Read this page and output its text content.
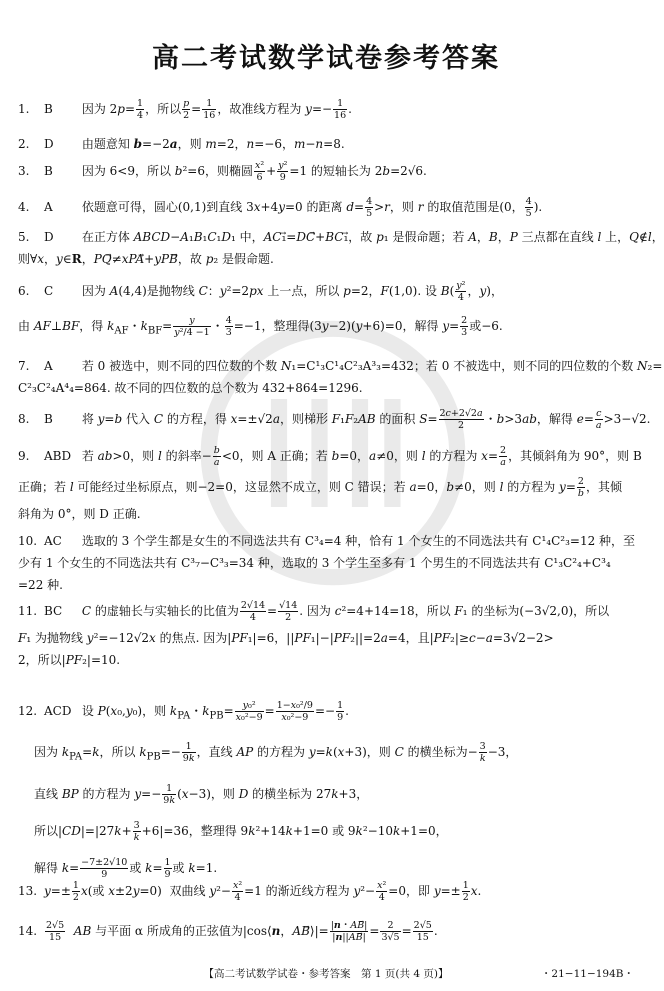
高二考试数学试卷参考答案
1. B 因为 $2p= \frac{1}{4}$ ，所以 $\frac{p}{2} = \frac{1}{16}$ ，故准线方程为 $y=- \frac{1}{16}$ .
2. D 由题意知 b=−2a，则 m=2，n=−6，m−n=8.
3. B 因为 6<9，所以 b²=6，则椭圆 $\frac{\text{x²}}{6} + \frac{\text{y²}}{9} =1$ 的短轴长为 2b=2√6.
4. A 依题意可得，圆心(0,1)到直线 3x+4y=0 的距离 $d= \frac{4}{5} >r$，则 r 的取值范围是(0， $\frac{4}{5}$ ).
5. D 在正方体 ABCD−A₁B₁C₁D₁ 中，AC₁⃗=DC⃗+BC₁⃗，故 p₁ 是假命题；若 A，B，P 三点都在直线 l 上，Q∉l，
则∀x，y∈R，PQ⃗≠xPA⃗+yPB⃗，故 p₂ 是假命题.
6. C 因为 A(4,4)是抛物线 C：y²=2px 上一点，所以 p=2，F(1,0). 设 $B( \frac{\text{y²}}{4}$ ，y)，
由 AF⊥BF，得 $k_{AF}$・$k_{BF}= \frac{y}{\text{y²/4 −1}}$ ・ $\frac{4}{3} =-1$，整理得(3y−2)(y+6)=0，解得 $y= \frac{2}{3}$ 或−6.
7. A 若 0 被选中，则不同的四位数的个数 N₁=C¹₃C¹₄C²₃A³₃=432；若 0 不被选中，则不同的四位数的个数 N₂=
C²₃C²₄A⁴₄=864. 故不同的四位数的总个数为 432+864=1296.
8. B 将 y=b 代入 C 的方程，得 x=±√2a，则梯形 F₁F₂AB 的面积 $S= \frac{2c+2√2a}{2}$ ・b>3ab，解得 $e= \frac{c}{a} >3-√2$.
9. ABD 若 ab>0，则 l 的斜率− $\frac{b}{a} <0$，则 A 正确；若 b=0，a≠0，则 l 的方程为 $x= \frac{2}{a}$ ，其倾斜角为 90°，则 B
正确；若 l 可能经过坐标原点，则−2=0，这显然不成立，则 C 错误；若 a=0，b≠0，则 l 的方程为 $y= \frac{2}{b}$ ，其倾
斜角为 0°，则 D 正确.
10. AC 选取的 3 个学生都是女生的不同选法共有 C³₄=4 种，恰有 1 个女生的不同选法共有 C¹₄C²₃=12 种，至
少有 1 个女生的不同选法共有 C³₇−C³₃=34 种，选取的 3 个学生至多有 1 个男生的不同选法共有 C¹₃C²₄+C³₄
=22 种.
11. BC C 的虚轴长与实轴长的比值为 $\frac{2√14}{4} = \frac{√14}{2}$ . 因为 c²=4+14=18，所以 F₁ 的坐标为(−3√2,0)，所以
F₁ 为抛物线 y²=−12√2x 的焦点. 因为|PF₁|=6，||PF₁|−|PF₂||=2a=4，且|PF₂|≥c−a=3√2−2>
2，所以|PF₂|=10.
12. ACD 设 P(x₀,y₀)，则 $k_{PA}$・$k_{PB}= \frac{\text{y₀²}}{\text{x₀²−9}} = \frac{\text{1−x₀²/9}}{\text{x₀²−9}} =- \frac{1}{9}$ .
因为 $k_{PA}=k$，所以 $k_{PB}=- \frac{1}{9k}$ ，直线 AP 的方程为 y=k(x+3)，则 C 的横坐标为− $\frac{3}{k} -3$，
直线 BP 的方程为 $y=- \frac{1}{9k} (x-3)$，则 D 的横坐标为 27k+3，
所以$|CD|=|27k+ \frac{3}{k} +6|=36$，整理得 9k²+14k+1=0 或 9k²−10k+1=0，
解得 $k= \frac{-7\pm 2√10}{9}$ 或 $k= \frac{1}{9}$ 或 k=1.
13. $y=\pm \frac{1}{2} x$(或 x±2y=0)  双曲线 $y^2- \frac{\text{x²}}{4} =1$ 的渐近线方程为 $y^2- \frac{\text{x²}}{4} =0$，即 $y=\pm \frac{1}{2} x$.
14. $\frac{2√5}{15}$ AB 与平面 α 所成角的正弦值为|cos⟨n，AB⃗⟩|= $\frac{|n・AB⃗|}{|n||AB⃗|} = \frac{2}{3√5} = \frac{2√5}{15}$ .
【高二考试数学试卷・参考答案　第 1 页(共 4 页)】	・21−11−194B・
